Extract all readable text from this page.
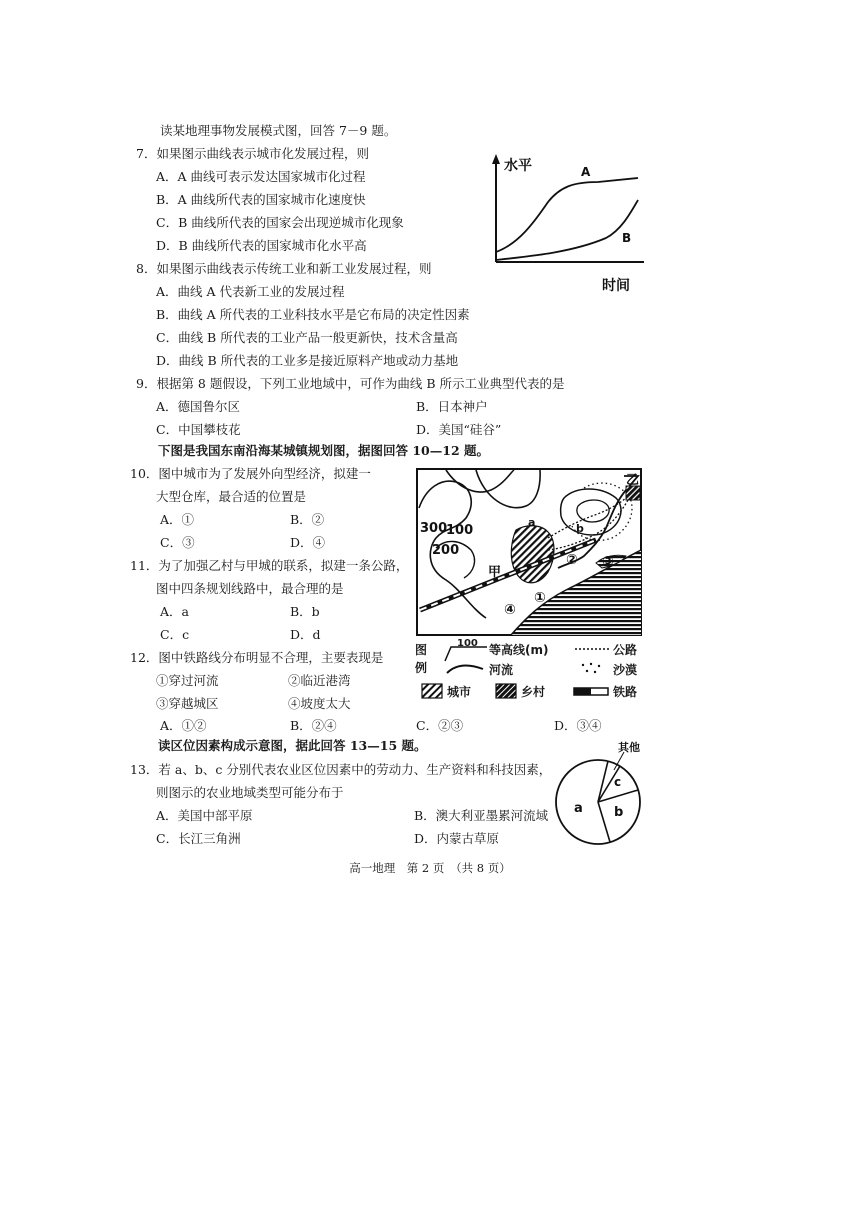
读某地理事物发展模式图，回答 7－9 题。
7．如果图示曲线表示城市化发展过程，则
A．A 曲线可表示发达国家城市化过程
B．A 曲线所代表的国家城市化速度快
C．B 曲线所代表的国家会出现逆城市化现象
D．B 曲线所代表的国家城市化水平高
8．如果图示曲线表示传统工业和新工业发展过程，则
A．曲线 A 代表新工业的发展过程
B．曲线 A 所代表的工业科技水平是它布局的决定性因素
C．曲线 B 所代表的工业产品一般更新快，技术含量高
D．曲线 B 所代表的工业多是接近原料产地或动力基地
9．根据第 8 题假设，下列工业地域中，可作为曲线 B 所示工业典型代表的是
A．德国鲁尔区	B．日本神户
C．中国攀枝花	D．美国“硅谷”
水平	A
B
时间
下图是我国东南沿海某城镇规划图，据图回答 10—12 题。
10．图中城市为了发展外向型经济，拟建一
大型仓库，最合适的位置是
A．①	B．②
C．③	D．④
11．为了加强乙村与甲城的联系，拟建一条公路，
图中四条规划线路中，最合理的是
A．a	B．b
C．c	D．d
12．图中铁路线分布明显不合理，主要表现是
①穿过河流	②临近港湾
③穿越城区	④坡度太大
A．①②	B．②④	C．②③	D．③④
300
100
200
甲
乙
② ③
①
④
a	b
图
例
100 等高线(m)	公路
河流	沙漠
城市	乡村	铁路
读区位因素构成示意图，据此回答 13—15 题。
13．若 a、b、c 分别代表农业区位因素中的劳动力、生产资料和科技因素，
则图示的农业地域类型可能分布于
A．美国中部平原	B．澳大利亚墨累河流域
C．长江三角洲	D．内蒙古草原
其他
a b
c
高一地理　第 2 页　（共 8 页）
